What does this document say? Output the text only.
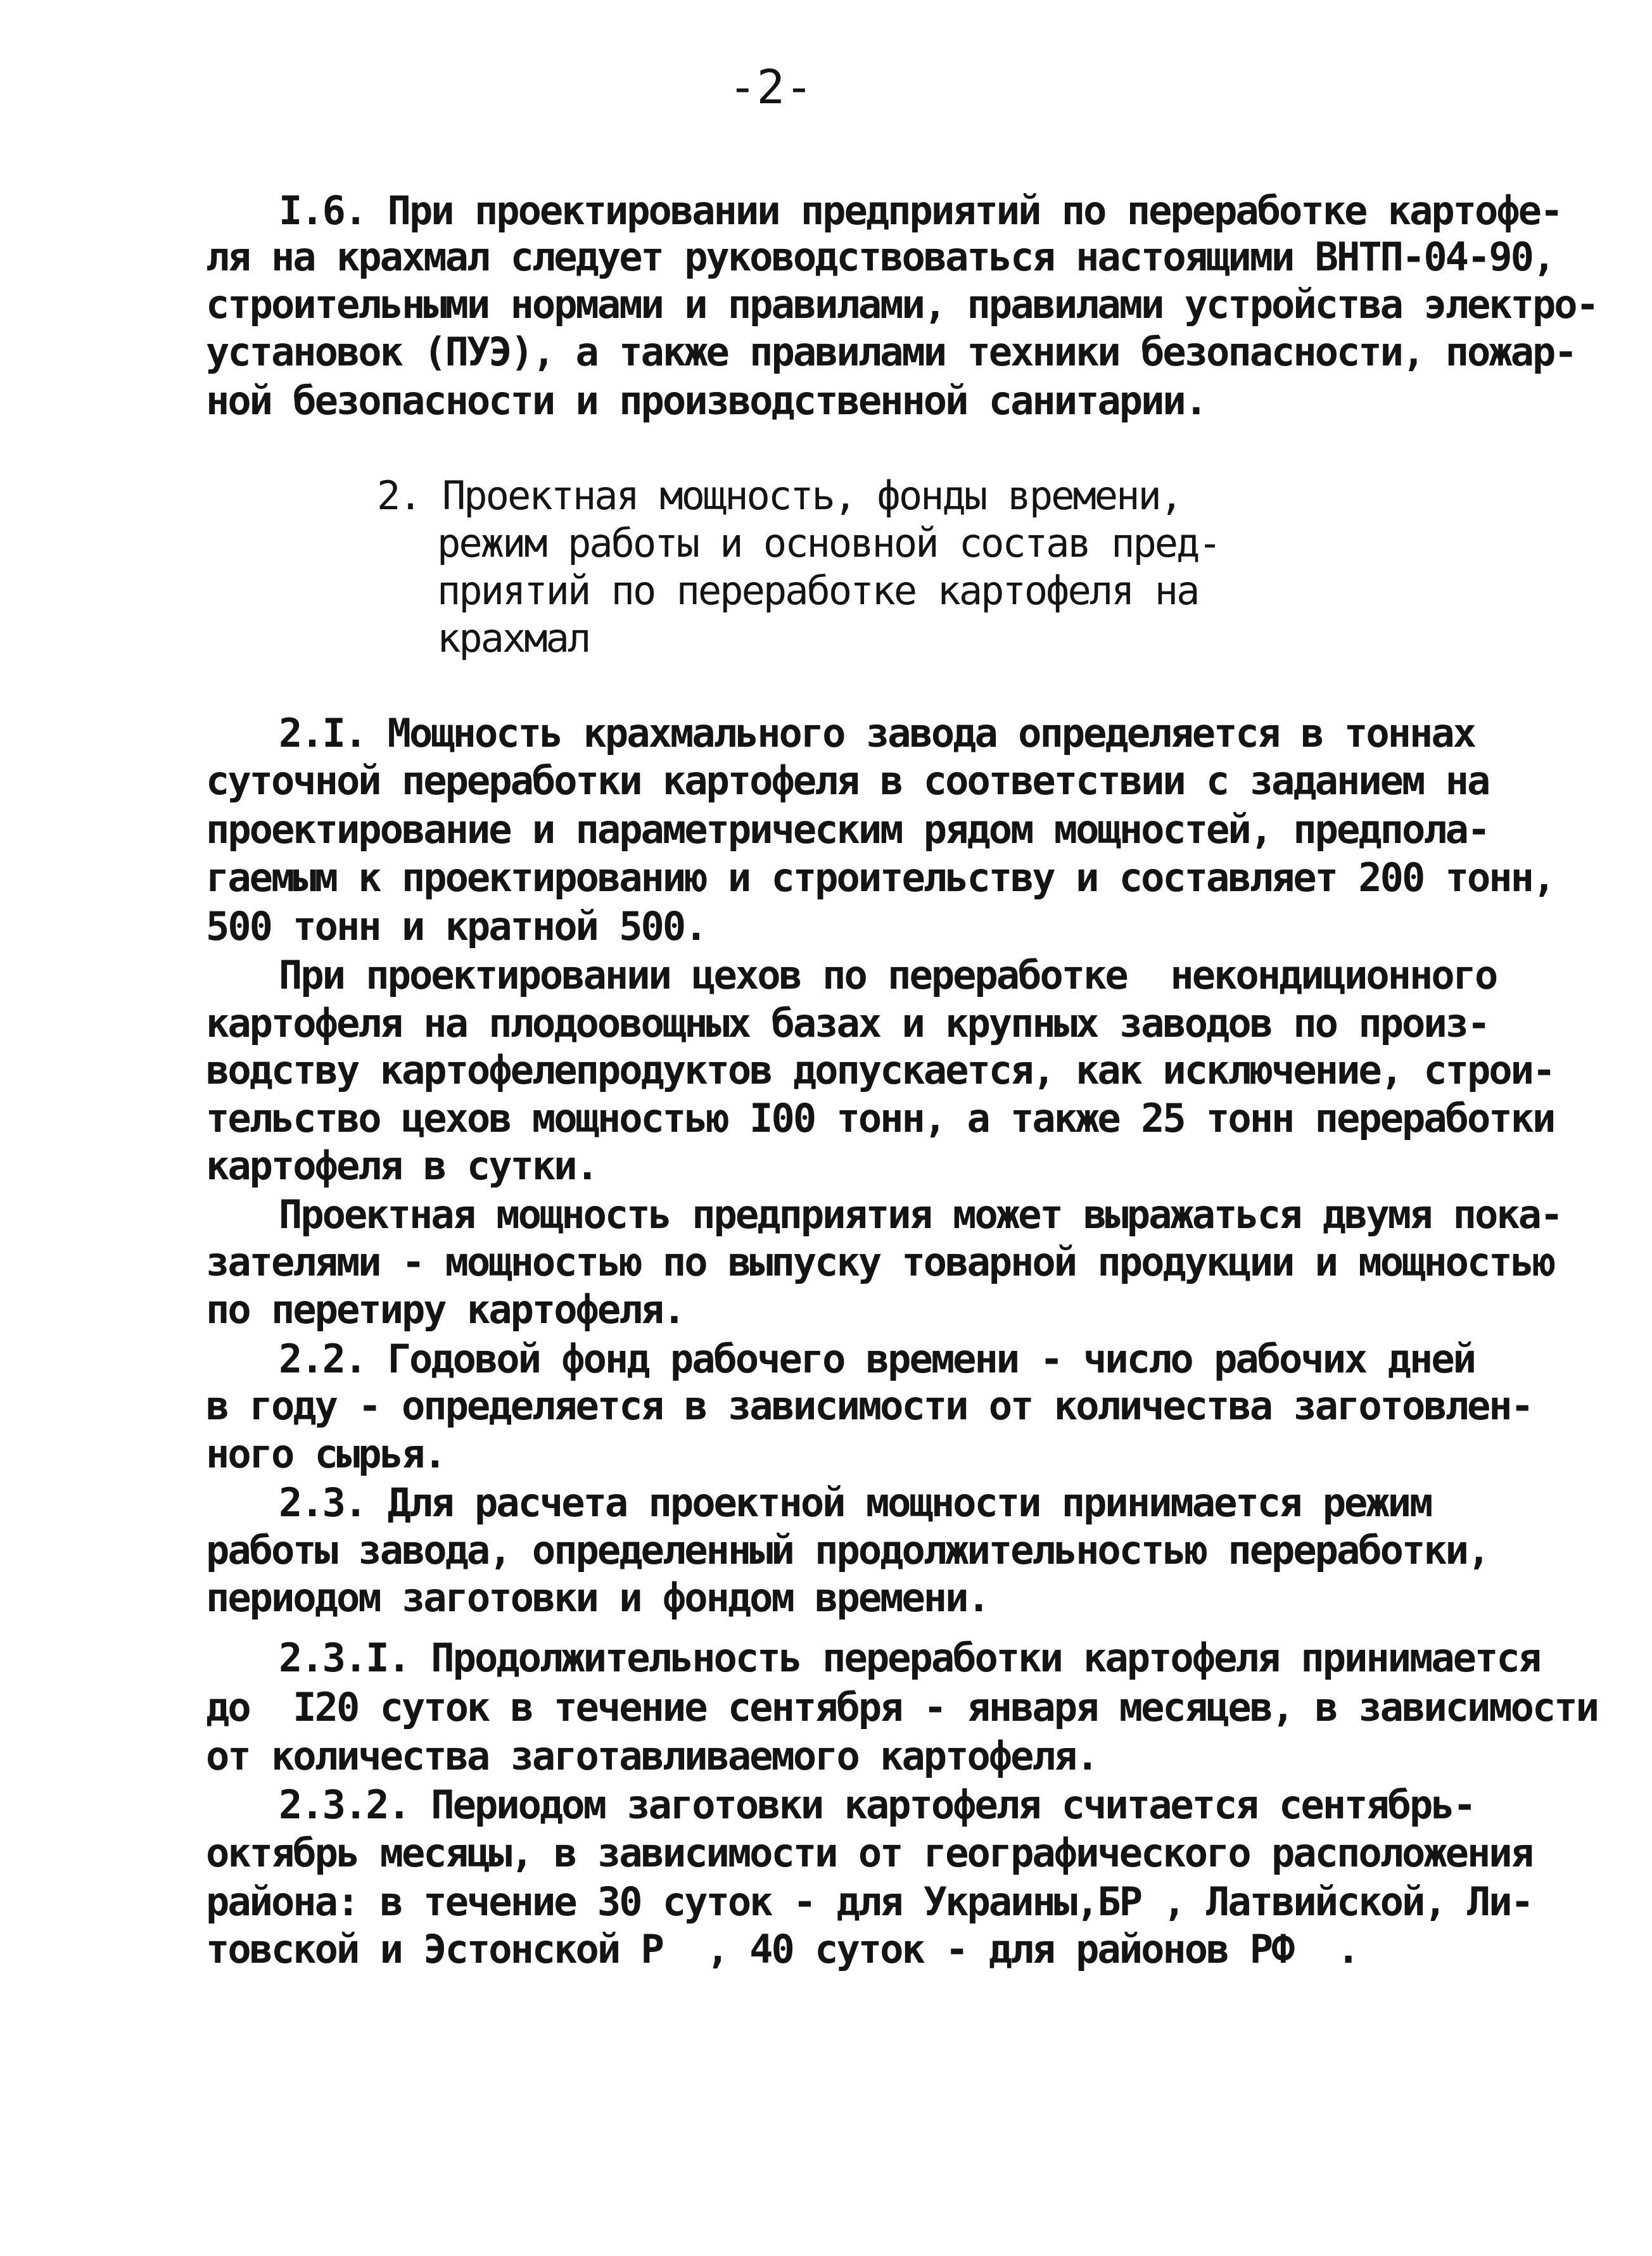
-2-
I.6. При проектировании предприятий по переработке картофе-
ля на крахмал следует руководствоваться настоящими ВНТП-04-90,
строительными нормами и правилами, правилами устройства электро-
установок (ПУЭ), а также правилами техники безопасности, пожар-
ной безопасности и производственной санитарии.
2. Проектная мощность, фонды времени,
режим работы и основной состав пред-
приятий по переработке картофеля на
крахмал
2.I. Мощность крахмального завода определяется в тоннах
суточной переработки картофеля в соответствии с заданием на
проектирование и параметрическим рядом мощностей, предпола-
гаемым к проектированию и строительству и составляет 200 тонн,
500 тонн и кратной 500.
При проектировании цехов по переработке  некондиционного
картофеля на плодоовощных базах и крупных заводов по произ-
водству картофелепродуктов допускается, как исключение, строи-
тельство цехов мощностью I00 тонн, а также 25 тонн переработки
картофеля в сутки.
Проектная мощность предприятия может выражаться двумя пока-
зателями - мощностью по выпуску товарной продукции и мощностью
по перетиру картофеля.
2.2. Годовой фонд рабочего времени - число рабочих дней
в году - определяется в зависимости от количества заготовлен-
ного сырья.
2.3. Для расчета проектной мощности принимается режим
работы завода, определенный продолжительностью переработки,
периодом заготовки и фондом времени.
2.3.I. Продолжительность переработки картофеля принимается
до  I20 суток в течение сентября - января месяцев, в зависимости
от количества заготавливаемого картофеля.
2.3.2. Периодом заготовки картофеля считается сентябрь-
октябрь месяцы, в зависимости от географического расположения
района: в течение 30 суток - для Украины,БР , Латвийской, Ли-
товской и Эстонской Р  , 40 суток - для районов РФ  .
